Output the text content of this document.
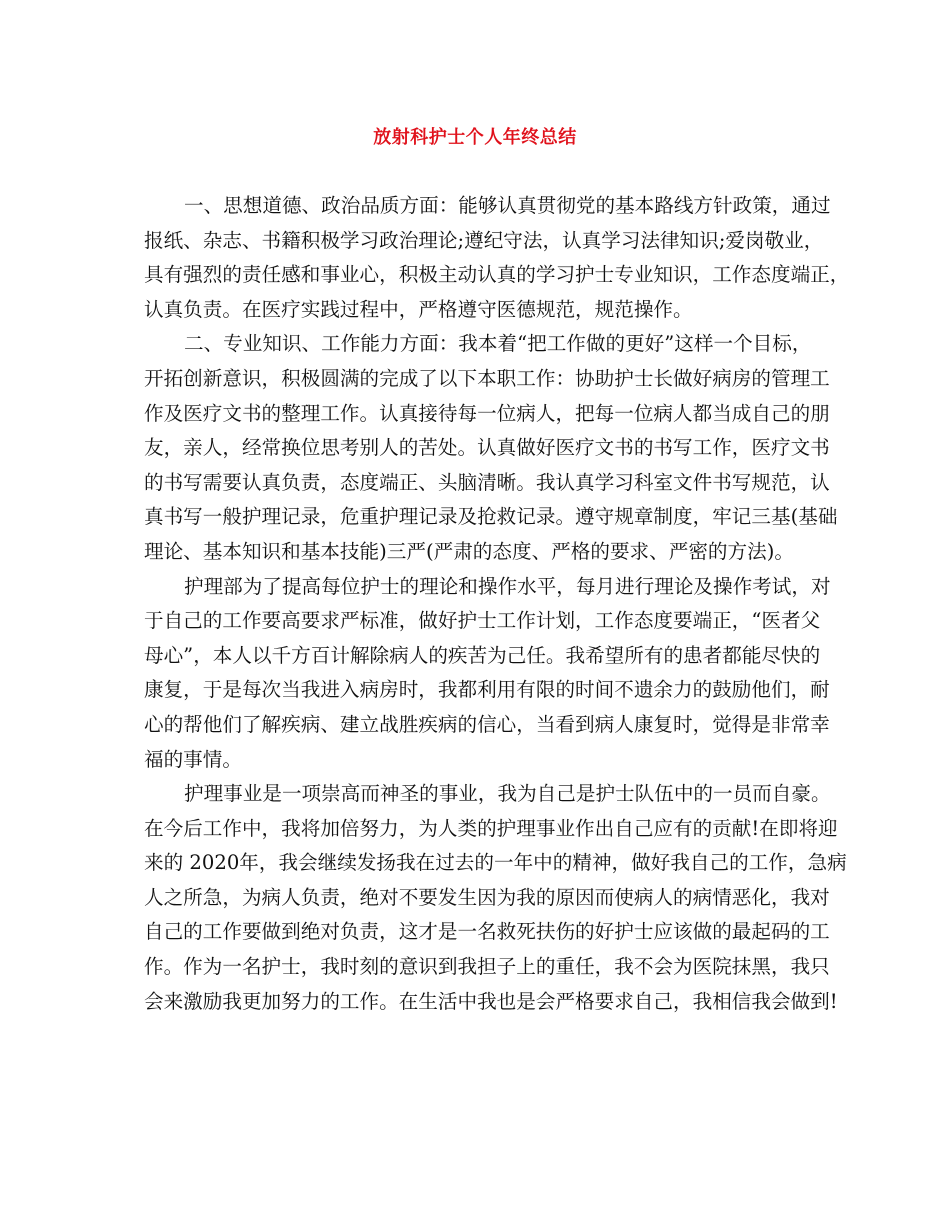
放射科护士个人年终总结
一、思想道德、政治品质方面：能够认真贯彻党的基本路线方针政策，通过
报纸、杂志、书籍积极学习政治理论;遵纪守法，认真学习法律知识;爱岗敬业，
具有强烈的责任感和事业心，积极主动认真的学习护士专业知识，工作态度端正，
认真负责。在医疗实践过程中，严格遵守医德规范，规范操作。
二、专业知识、工作能力方面：我本着“把工作做的更好”这样一个目标，
开拓创新意识，积极圆满的完成了以下本职工作：协助护士长做好病房的管理工
作及医疗文书的整理工作。认真接待每一位病人，把每一位病人都当成自己的朋
友，亲人，经常换位思考别人的苦处。认真做好医疗文书的书写工作，医疗文书
的书写需要认真负责，态度端正、头脑清晰。我认真学习科室文件书写规范，认
真书写一般护理记录，危重护理记录及抢救记录。遵守规章制度，牢记三基(基础
理论、基本知识和基本技能)三严(严肃的态度、严格的要求、严密的方法)。
护理部为了提高每位护士的理论和操作水平，每月进行理论及操作考试，对
于自己的工作要高要求严标准，做好护士工作计划，工作态度要端正，“医者父
母心”，本人以千方百计解除病人的疾苦为己任。我希望所有的患者都能尽快的
康复，于是每次当我进入病房时，我都利用有限的时间不遗余力的鼓励他们，耐
心的帮他们了解疾病、建立战胜疾病的信心，当看到病人康复时，觉得是非常幸
福的事情。
护理事业是一项崇高而神圣的事业，我为自己是护士队伍中的一员而自豪。
在今后工作中，我将加倍努力，为人类的护理事业作出自己应有的贡献!在即将迎
来的 2020年，我会继续发扬我在过去的一年中的精神，做好我自己的工作，急病
人之所急，为病人负责，绝对不要发生因为我的原因而使病人的病情恶化，我对
自己的工作要做到绝对负责，这才是一名救死扶伤的好护士应该做的最起码的工
作。作为一名护士，我时刻的意识到我担子上的重任，我不会为医院抹黑，我只
会来激励我更加努力的工作。在生活中我也是会严格要求自己，我相信我会做到!
